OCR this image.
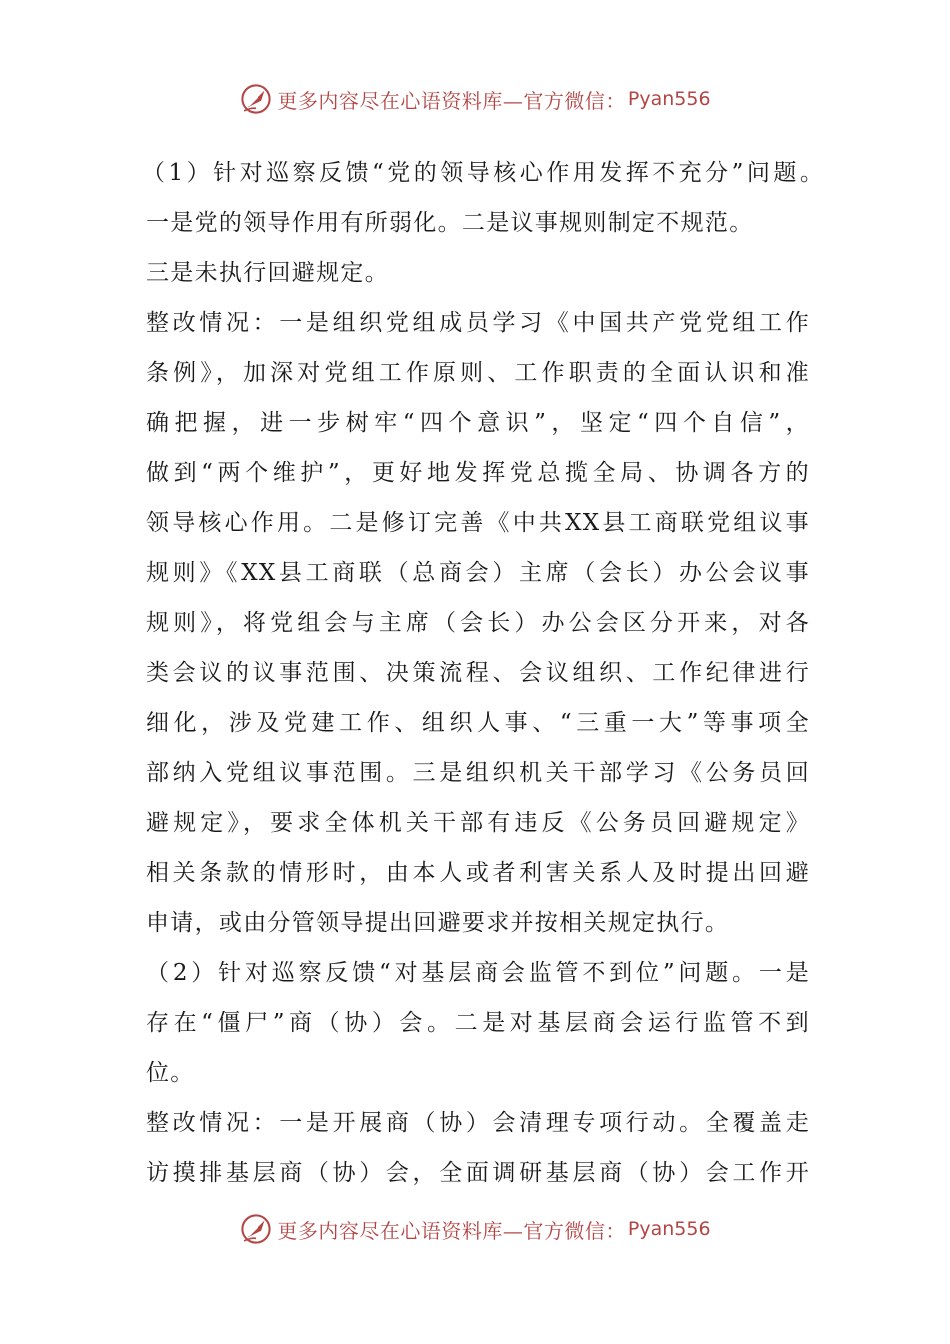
更多内容尽在心语资料库—官方微信： Pyan556
（1）针对巡察反馈“党的领导核心作用发挥不充分”问题。
一是党的领导作用有所弱化。二是议事规则制定不规范。
三是未执行回避规定。
整改情况：一是组织党组成员学习《中国共产党党组工作
条例》，加深对党组工作原则、工作职责的全面认识和准
确把握，进一步树牢“四个意识”，坚定“四个自信”，
做到“两个维护”，更好地发挥党总揽全局、协调各方的
领导核心作用。二是修订完善《中共XX县工商联党组议事
规则》《XX县工商联（总商会）主席（会长）办公会议事
规则》，将党组会与主席（会长）办公会区分开来，对各
类会议的议事范围、决策流程、会议组织、工作纪律进行
细化，涉及党建工作、组织人事、“三重一大”等事项全
部纳入党组议事范围。三是组织机关干部学习《公务员回
避规定》，要求全体机关干部有违反《公务员回避规定》
相关条款的情形时，由本人或者利害关系人及时提出回避
申请，或由分管领导提出回避要求并按相关规定执行。
（2）针对巡察反馈“对基层商会监管不到位”问题。一是
存在“僵尸”商（协）会。二是对基层商会运行监管不到
位。
整改情况：一是开展商（协）会清理专项行动。全覆盖走
访摸排基层商（协）会，全面调研基层商（协）会工作开
更多内容尽在心语资料库—官方微信： Pyan556
